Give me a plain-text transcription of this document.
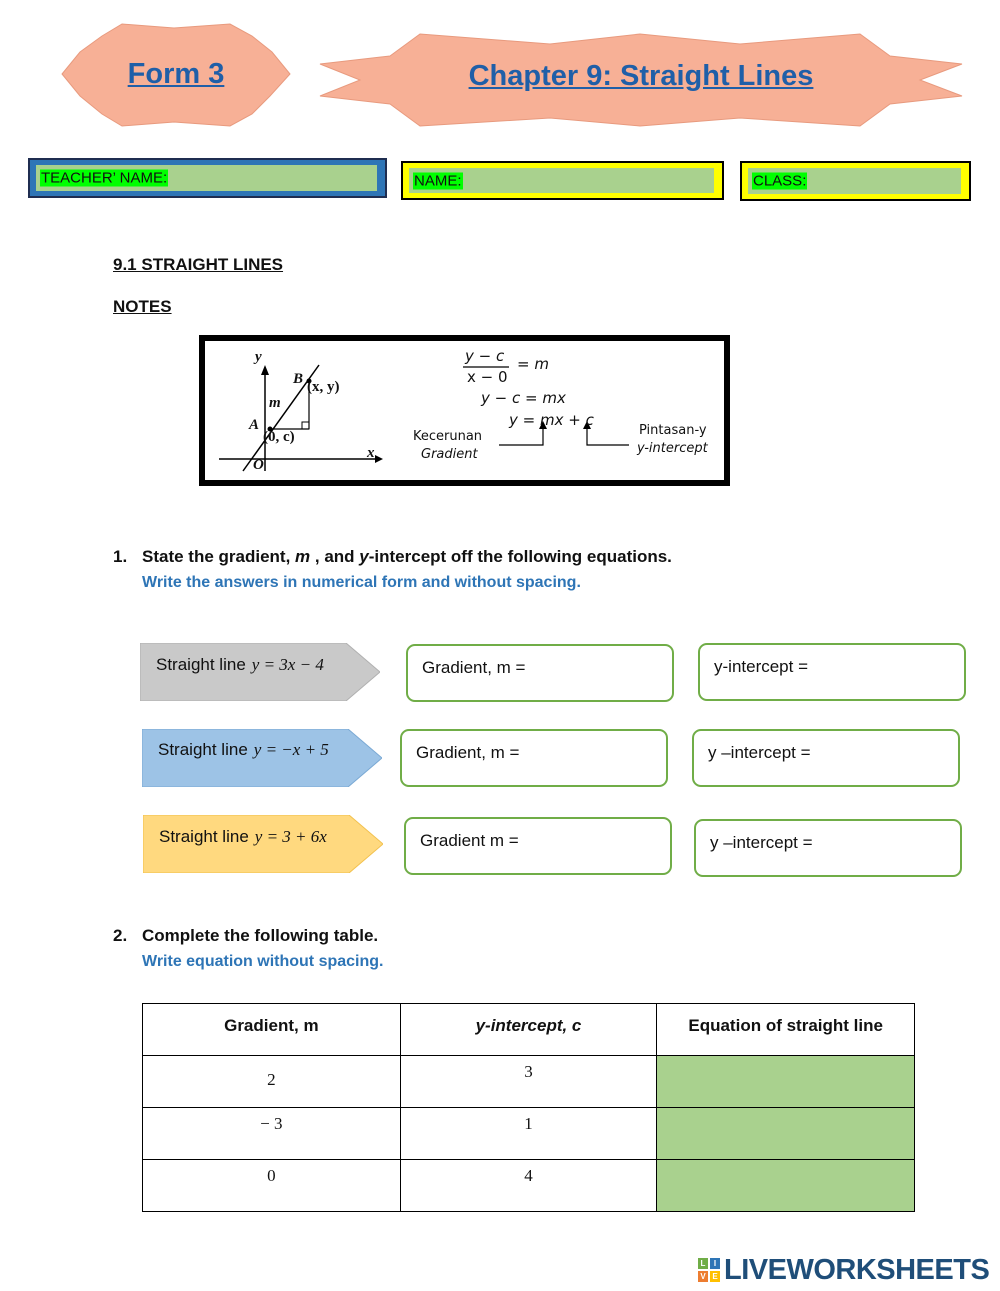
Form 3	Chapter 9: Straight Lines
TEACHER’ NAME:	NAME:	CLASS:
9.1 STRAIGHT LINES
NOTES
y
x
O
A
B (x, y)
(0, c)
m
y − c
x − 0
= m
y − c = mx
y = mx + c
Kecerunan
Gradient
Pintasan-y
y-intercept
1. State the gradient, m , and y-intercept off the following equations.
Write the answers in numerical form and without spacing.
Straight line y = 3x − 4	Gradient, m =	y-intercept =
Straight line y = −x + 5	Gradient, m =	y –intercept =
Straight line y = 3 + 6x	Gradient m =	y –intercept =
2. Complete the following table.
Write equation without spacing.
Gradient, m	y-intercept, c	Equation of straight line
2	3	
− 3	1	
0	4	
L	I
V E LIVEWORKSHEETS
